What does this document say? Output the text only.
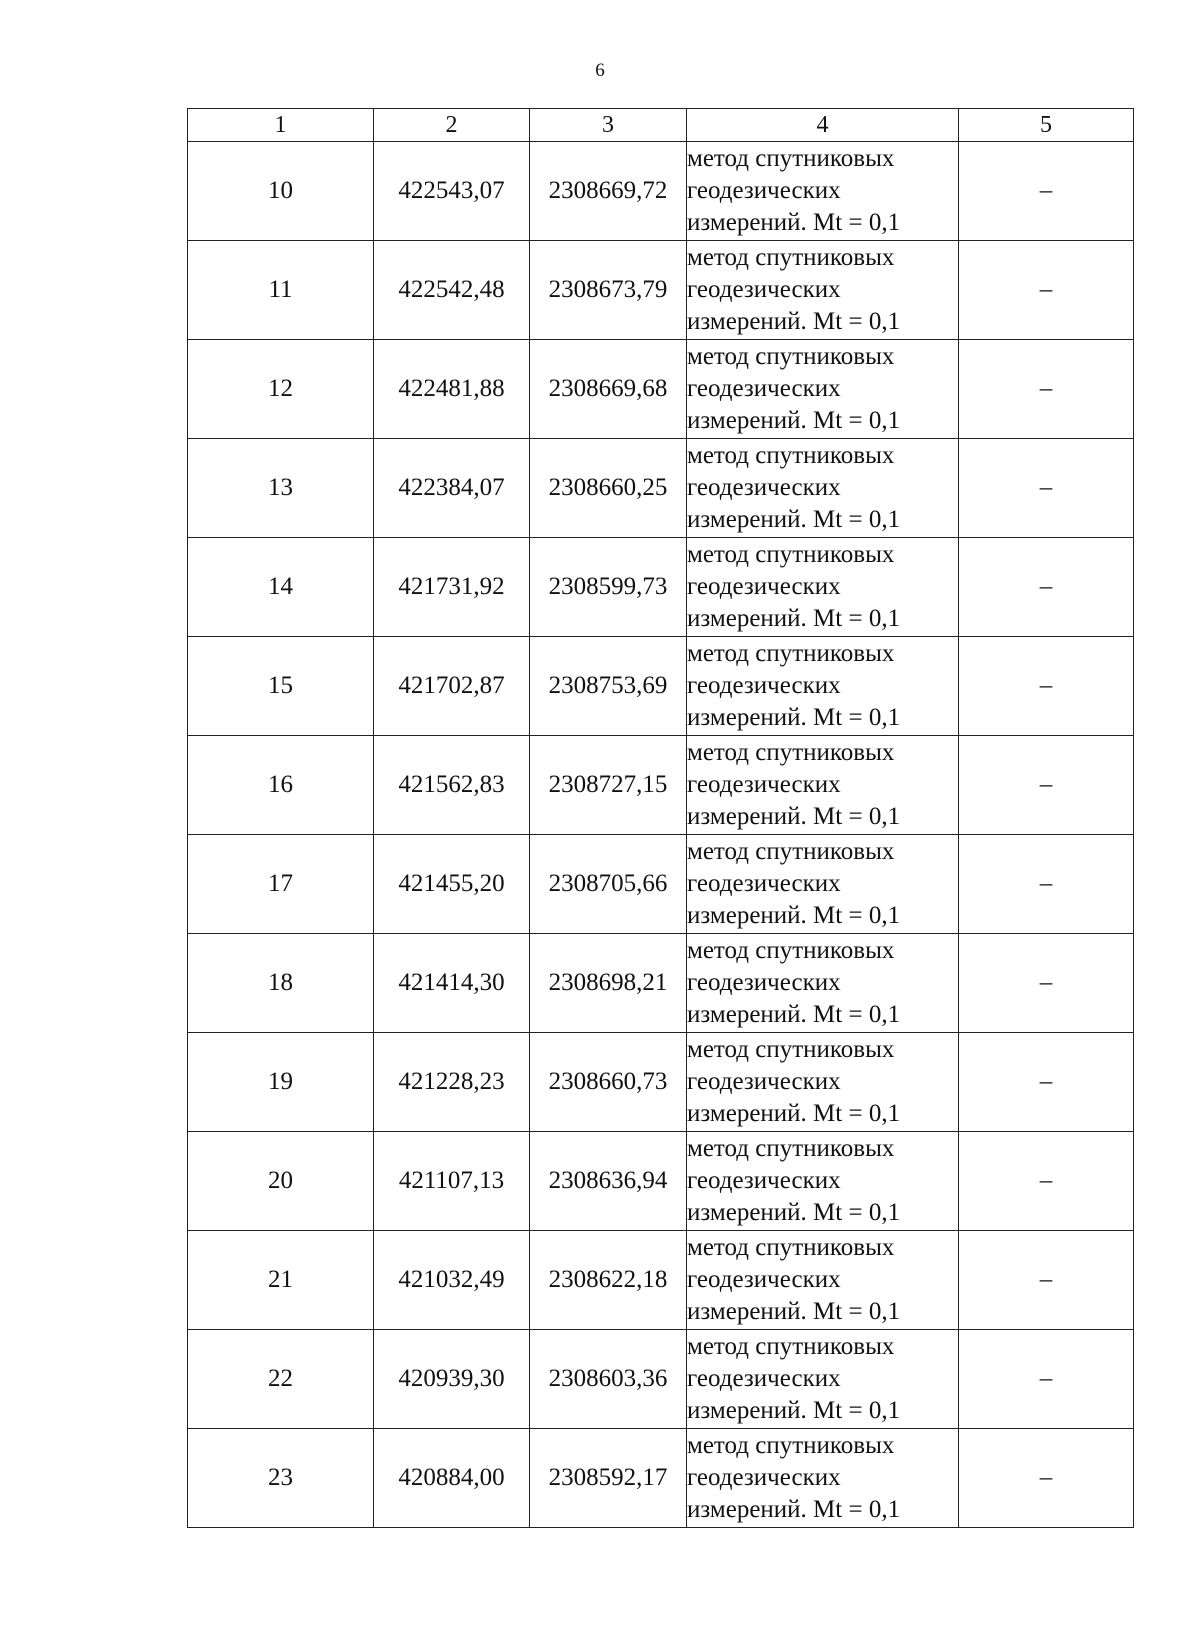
6
1	2	3	4	5
10	422543,07	2308669,72	метод спутниковых
геодезических
измерений. Mt = 0,1	–
11	422542,48	2308673,79	метод спутниковых
геодезических
измерений. Mt = 0,1	–
12	422481,88	2308669,68	метод спутниковых
геодезических
измерений. Mt = 0,1	–
13	422384,07	2308660,25	метод спутниковых
геодезических
измерений. Mt = 0,1	–
14	421731,92	2308599,73	метод спутниковых
геодезических
измерений. Mt = 0,1	–
15	421702,87	2308753,69	метод спутниковых
геодезических
измерений. Mt = 0,1	–
16	421562,83	2308727,15	метод спутниковых
геодезических
измерений. Mt = 0,1	–
17	421455,20	2308705,66	метод спутниковых
геодезических
измерений. Mt = 0,1	–
18	421414,30	2308698,21	метод спутниковых
геодезических
измерений. Mt = 0,1	–
19	421228,23	2308660,73	метод спутниковых
геодезических
измерений. Mt = 0,1	–
20	421107,13	2308636,94	метод спутниковых
геодезических
измерений. Mt = 0,1	–
21	421032,49	2308622,18	метод спутниковых
геодезических
измерений. Mt = 0,1	–
22	420939,30	2308603,36	метод спутниковых
геодезических
измерений. Mt = 0,1	–
23	420884,00	2308592,17	метод спутниковых
геодезических
измерений. Mt = 0,1	–
